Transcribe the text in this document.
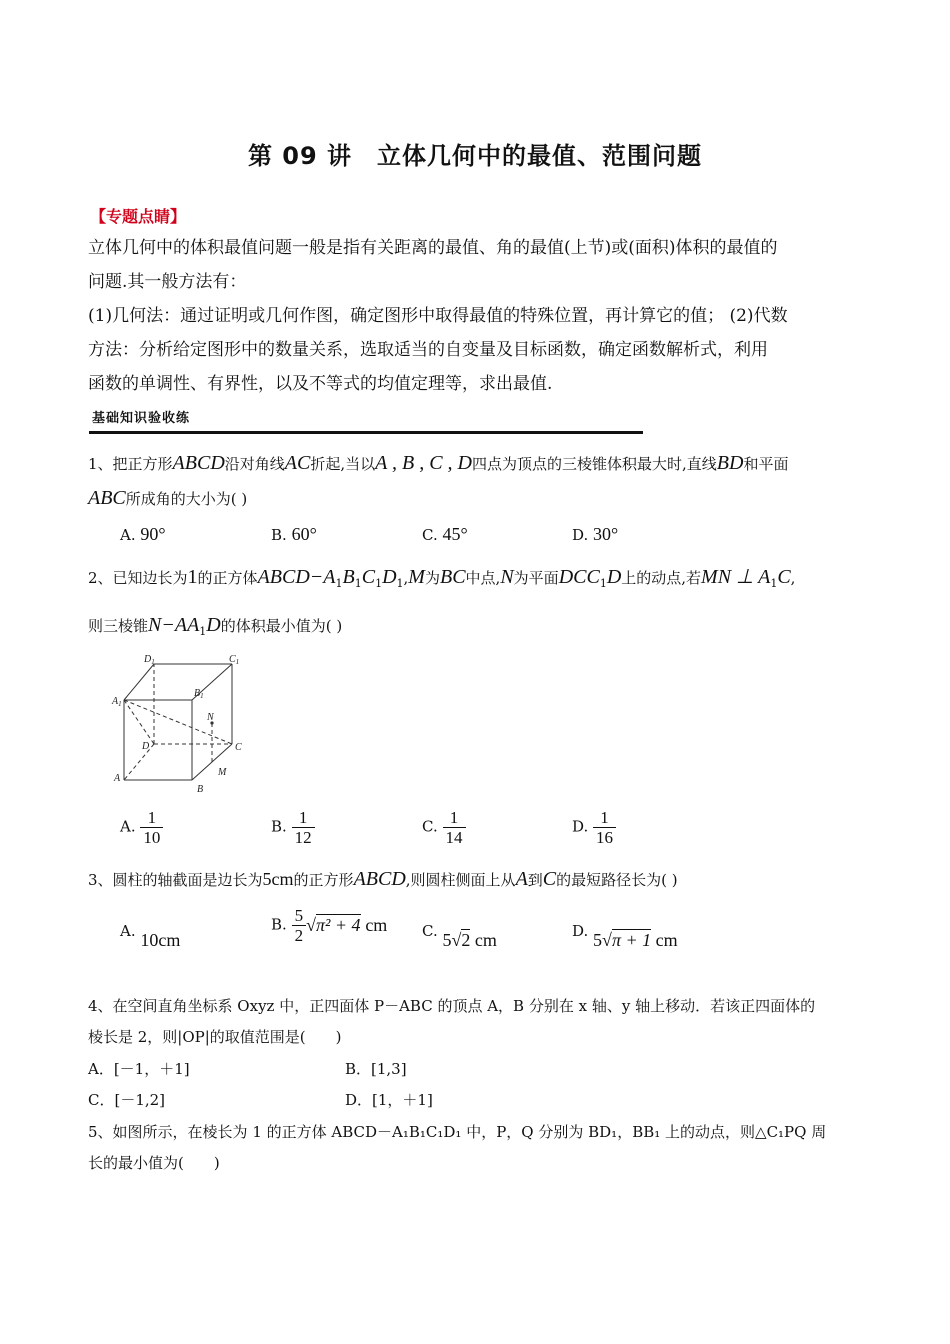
第 09 讲　立体几何中的最值、范围问题
【专题点睛】
立体几何中的体积最值问题一般是指有关距离的最值、角的最值(上节)或(面积)体积的最值的
问题.其一般方法有：
(1)几何法：通过证明或几何作图，确定图形中取得最值的特殊位置，再计算它的值； (2)代数
方法：分析给定图形中的数量关系，选取适当的自变量及目标函数，确定函数解析式，利用
函数的单调性、有界性，以及不等式的均值定理等，求出最值.
基础知识验收练
1、把正方形ABCD沿对角线AC折起,当以A , B , C , D四点为顶点的三棱锥体积最大时,直线BD和平面
ABC所成角的大小为( )
A. 90°	B. 60°	C. 45°	D. 30°
2、已知边长为1的正方体$ABCD-A_1B_1C_1D_1,M$为BC中点,N为平面$DCC_1D$上的动点,若MN ⊥ $A_1C$,
则三棱锥$N-AA_1D$的体积最小值为( )
$D_1$	$C_1$
$A_1$
$B_1$
N
D	C
M
A
B
A. $\frac{1}{10}$	B. $\frac{1}{12}$	C. $\frac{1}{14}$	D. $\frac{1}{16}$
3、圆柱的轴截面是边长为5cm的正方形ABCD,则圆柱侧面上从A到C的最短路径长为( )
A. 10cm
B. $\frac{5}{2} √\pi^2 + 4$ cm C. 5√2 cm	D. 5√π + 1 cm
4、在空间直角坐标系 Oxyz 中，正四面体 P－ABC 的顶点 A，B 分别在 x 轴、y 轴上移动．若该正四面体的
棱长是 2，则|OP|的取值范围是(　　)
A．[－1，＋1]	B．[1,3]
C．[－1,2]	D．[1，＋1]
5、如图所示，在棱长为 1 的正方体 ABCD－A₁B₁C₁D₁ 中，P，Q 分别为 BD₁，BB₁ 上的动点，则△C₁PQ 周
长的最小值为(　　)
